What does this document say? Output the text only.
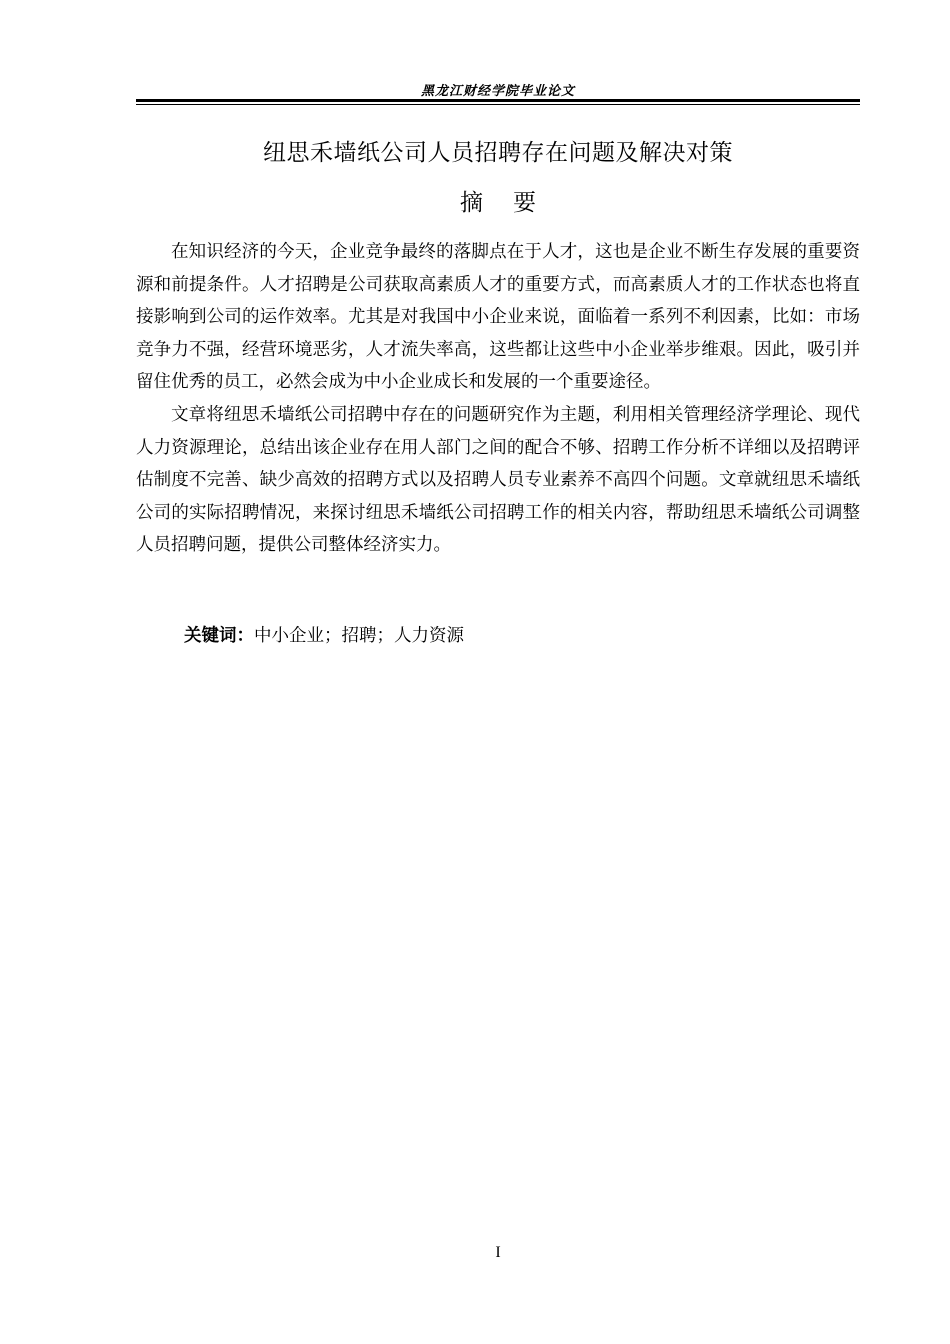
黑龙江财经学院毕业论文
纽思禾墙纸公司人员招聘存在问题及解决对策
摘要

在知识经济的今天，企业竞争最终的落脚点在于人才，这也是企业不断生存发展的重要资源和前提条件。人才招聘是公司获取高素质人才的重要方式，而高素质人才的工作状态也将直接影响到公司的运作效率。尤其是对我国中小企业来说，面临着一系列不利因素，比如：市场竞争力不强，经营环境恶劣，人才流失率高，这些都让这些中小企业举步维艰。因此，吸引并留住优秀的员工，必然会成为中小企业成长和发展的一个重要途径。

文章将纽思禾墙纸公司招聘中存在的问题研究作为主题，利用相关管理经济学理论、现代人力资源理论，总结出该企业存在用人部门之间的配合不够、招聘工作分析不详细以及招聘评估制度不完善、缺少高效的招聘方式以及招聘人员专业素养不高四个问题。文章就纽思禾墙纸公司的实际招聘情况，来探讨纽思禾墙纸公司招聘工作的相关内容，帮助纽思禾墙纸公司调整人员招聘问题，提供公司整体经济实力。

关键词：中小企业；招聘；人力资源
I
